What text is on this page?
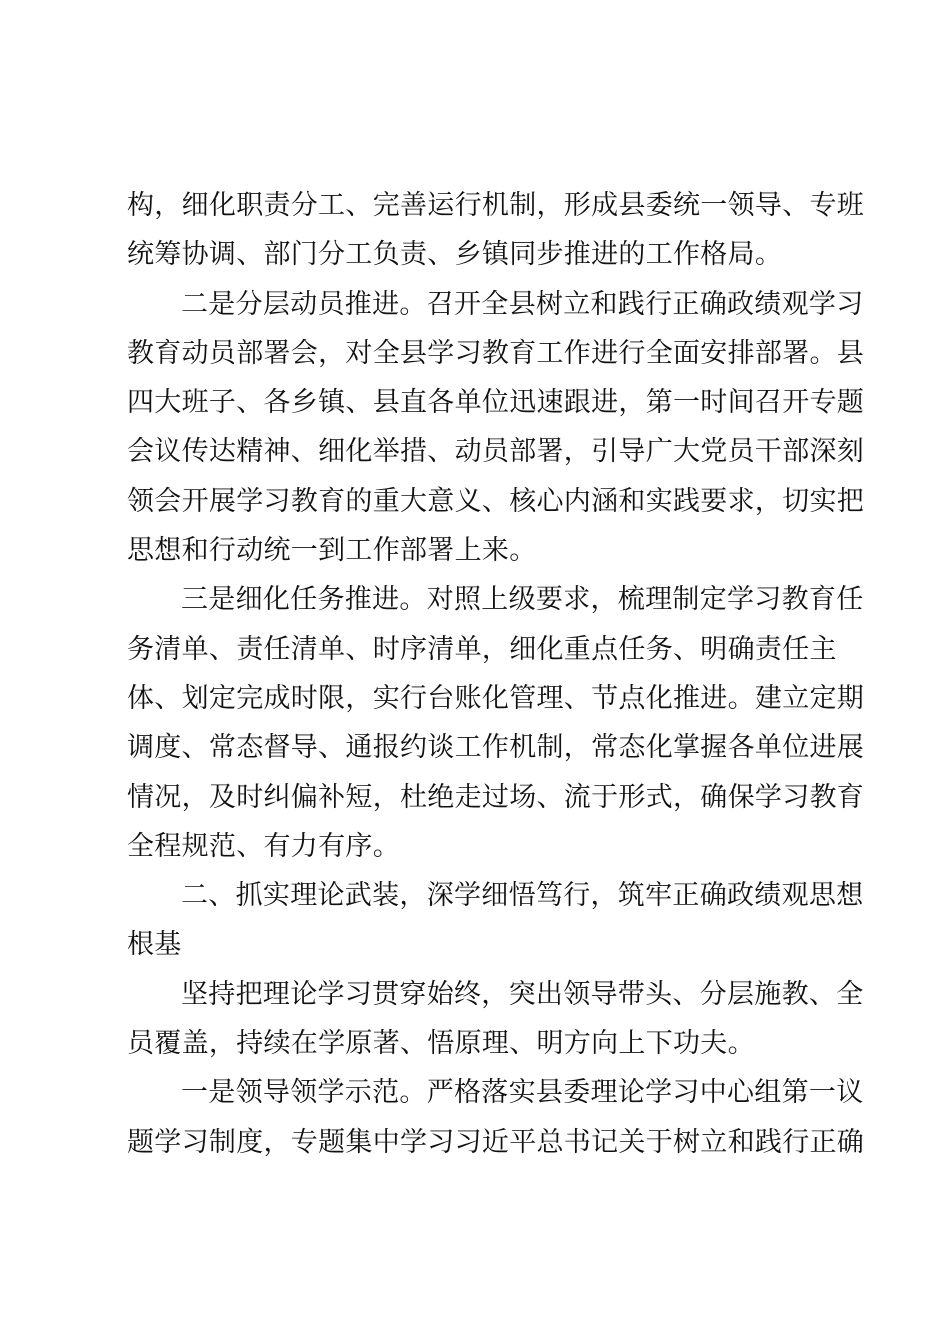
构，细化职责分工、完善运行机制，形成县委统一领导、专班
统筹协调、部门分工负责、乡镇同步推进的工作格局。
二是分层动员推进。召开全县树立和践行正确政绩观学习
教育动员部署会，对全县学习教育工作进行全面安排部署。县
四大班子、各乡镇、县直各单位迅速跟进，第一时间召开专题
会议传达精神、细化举措、动员部署，引导广大党员干部深刻
领会开展学习教育的重大意义、核心内涵和实践要求，切实把
思想和行动统一到工作部署上来。
三是细化任务推进。对照上级要求，梳理制定学习教育任
务清单、责任清单、时序清单，细化重点任务、明确责任主
体、划定完成时限，实行台账化管理、节点化推进。建立定期
调度、常态督导、通报约谈工作机制，常态化掌握各单位进展
情况，及时纠偏补短，杜绝走过场、流于形式，确保学习教育
全程规范、有力有序。
二、抓实理论武装，深学细悟笃行，筑牢正确政绩观思想
根基
坚持把理论学习贯穿始终，突出领导带头、分层施教、全
员覆盖，持续在学原著、悟原理、明方向上下功夫。
一是领导领学示范。严格落实县委理论学习中心组第一议
题学习制度，专题集中学习习近平总书记关于树立和践行正确
